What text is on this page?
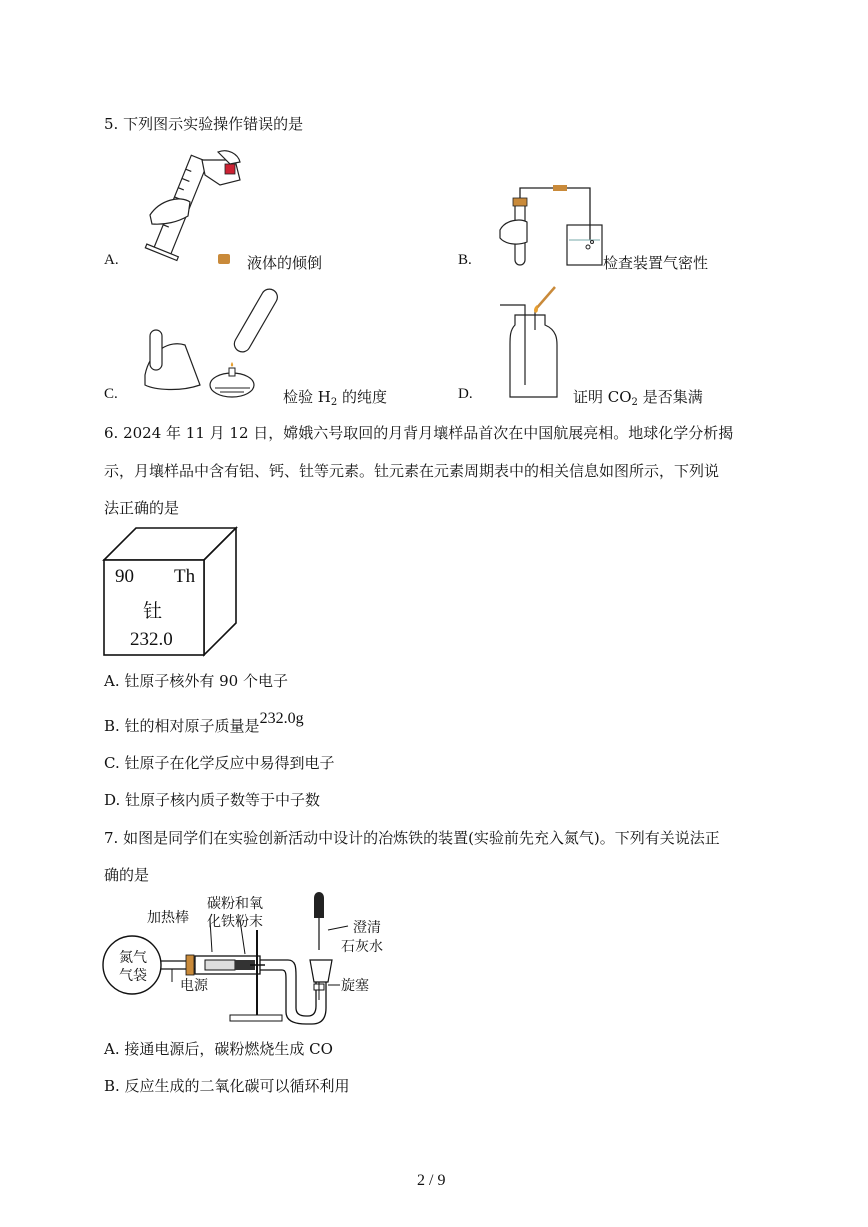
5. 下列图示实验操作错误的是
A.	液体的倾倒	B.	检查装置气密性
C.	检验 $H_2$ 的纯度	D.	证明 $CO_2$ 是否集满
6. 2024 年 11 月 12 日，嫦娥六号取回的月背月壤样品首次在中国航展亮相。地球化学分析揭
示，月壤样品中含有铝、钙、钍等元素。钍元素在元素周期表中的相关信息如图所示，下列说
法正确的是
90 Th
钍
232.0
A. 钍原子核外有 90 个电子
B. 钍的相对原子质量是232.0g
C. 钍原子在化学反应中易得到电子
D. 钍原子核内质子数等于中子数
7. 如图是同学们在实验创新活动中设计的冶炼铁的装置(实验前先充入氮气)。下列有关说法正
确的是
加热棒
碳粉和氧
化铁粉末	澄清
石灰水
氮气
气袋
电源	旋塞
A. 接通电源后，碳粉燃烧生成 CO
B. 反应生成的二氧化碳可以循环利用
2 / 9
